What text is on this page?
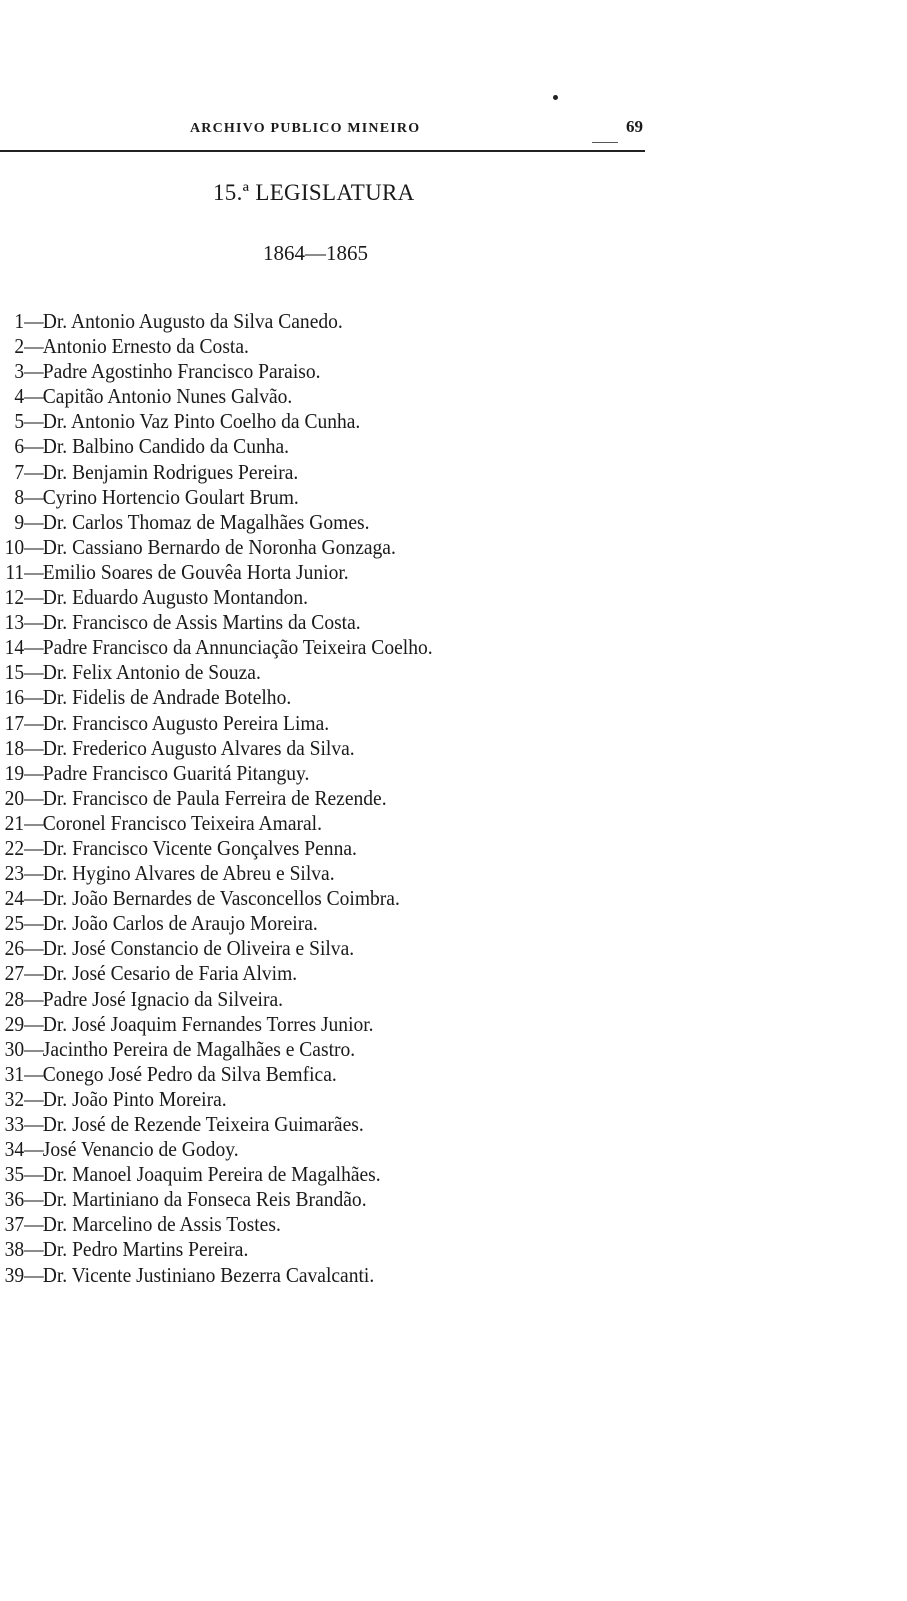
ARCHIVO PUBLICO MINEIRO	69
15.ª LEGISLATURA
1864—1865
1—Dr. Antonio Augusto da Silva Canedo.
2—Antonio Ernesto da Costa.
3—Padre Agostinho Francisco Paraiso.
4—Capitão Antonio Nunes Galvão.
5—Dr. Antonio Vaz Pinto Coelho da Cunha.
6—Dr. Balbino Candido da Cunha.
7—Dr. Benjamin Rodrigues Pereira.
8—Cyrino Hortencio Goulart Brum.
9—Dr. Carlos Thomaz de Magalhães Gomes.
10—Dr. Cassiano Bernardo de Noronha Gonzaga.
11—Emilio Soares de Gouvêa Horta Junior.
12—Dr. Eduardo Augusto Montandon.
13—Dr. Francisco de Assis Martins da Costa.
14—Padre Francisco da Annunciação Teixeira Coelho.
15—Dr. Felix Antonio de Souza.
16—Dr. Fidelis de Andrade Botelho.
17—Dr. Francisco Augusto Pereira Lima.
18—Dr. Frederico Augusto Alvares da Silva.
19—Padre Francisco Guaritá Pitanguy.
20—Dr. Francisco de Paula Ferreira de Rezende.
21—Coronel Francisco Teixeira Amaral.
22—Dr. Francisco Vicente Gonçalves Penna.
23—Dr. Hygino Alvares de Abreu e Silva.
24—Dr. João Bernardes de Vasconcellos Coimbra.
25—Dr. João Carlos de Araujo Moreira.
26—Dr. José Constancio de Oliveira e Silva.
27—Dr. José Cesario de Faria Alvim.
28—Padre José Ignacio da Silveira.
29—Dr. José Joaquim Fernandes Torres Junior.
30—Jacintho Pereira de Magalhães e Castro.
31—Conego José Pedro da Silva Bemfica.
32—Dr. João Pinto Moreira.
33—Dr. José de Rezende Teixeira Guimarães.
34—José Venancio de Godoy.
35—Dr. Manoel Joaquim Pereira de Magalhães.
36—Dr. Martiniano da Fonseca Reis Brandão.
37—Dr. Marcelino de Assis Tostes.
38—Dr. Pedro Martins Pereira.
39—Dr. Vicente Justiniano Bezerra Cavalcanti.
